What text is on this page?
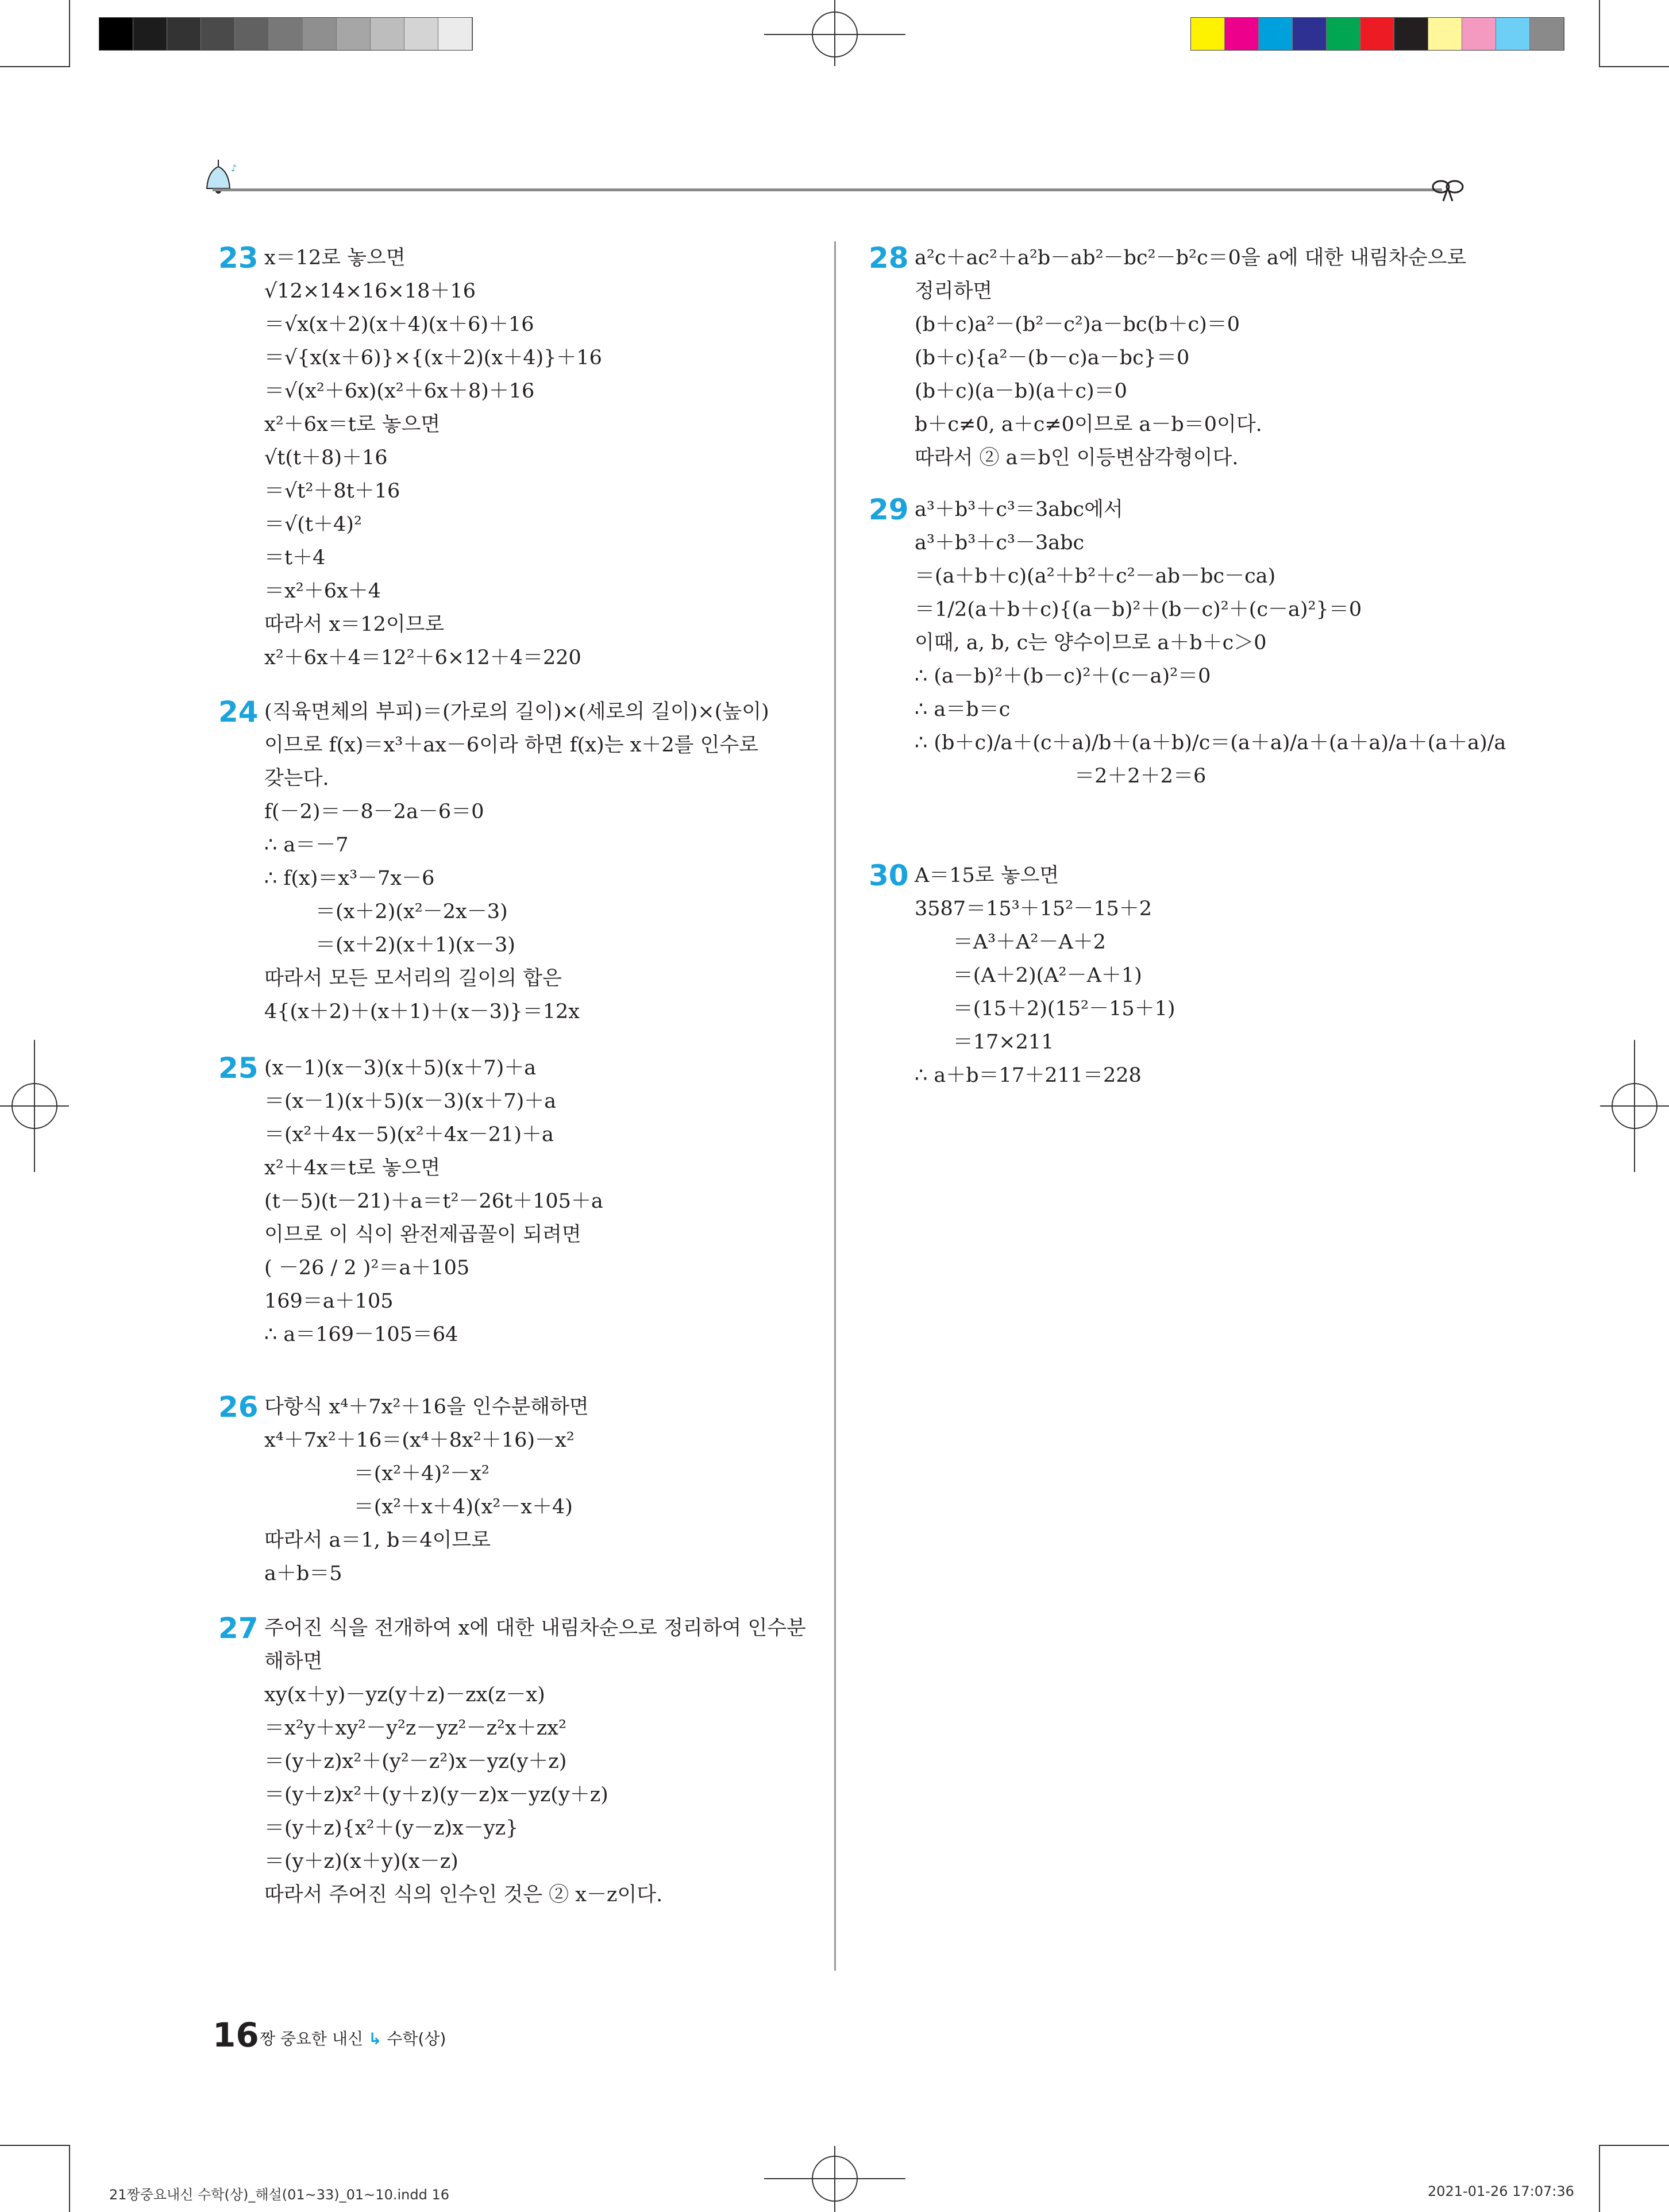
♪
23 x＝12로 놓으면
√12×14×16×18＋16
＝√x(x＋2)(x＋4)(x＋6)＋16
＝√{x(x＋6)}×{(x＋2)(x＋4)}＋16
＝√(x²＋6x)(x²＋6x＋8)＋16
x²＋6x＝t로 놓으면
√t(t＋8)＋16
＝√t²＋8t＋16
＝√(t＋4)²
＝t＋4
＝x²＋6x＋4
따라서 x＝12이므로
x²＋6x＋4＝12²＋6×12＋4＝220
24 (직육면체의 부피)＝(가로의 길이)×(세로의 길이)×(높이)
이므로 f(x)＝x³＋ax－6이라 하면 f(x)는 x＋2를 인수로
갖는다.
f(－2)＝－8－2a－6＝0
∴ a＝－7
∴ f(x)＝x³－7x－6
＝(x＋2)(x²－2x－3)
＝(x＋2)(x＋1)(x－3)
따라서 모든 모서리의 길이의 합은
4{(x＋2)＋(x＋1)＋(x－3)}＝12x
25 (x－1)(x－3)(x＋5)(x＋7)＋a
＝(x－1)(x＋5)(x－3)(x＋7)＋a
＝(x²＋4x－5)(x²＋4x－21)＋a
x²＋4x＝t로 놓으면
(t－5)(t－21)＋a＝t²－26t＋105＋a
이므로 이 식이 완전제곱꼴이 되려면
( －26 / 2 )²＝a＋105
169＝a＋105
∴ a＝169－105＝64
26 다항식 x⁴＋7x²＋16을 인수분해하면
x⁴＋7x²＋16＝(x⁴＋8x²＋16)－x²
＝(x²＋4)²－x²
＝(x²＋x＋4)(x²－x＋4)
따라서 a＝1, b＝4이므로
a＋b＝5
27 주어진 식을 전개하여 x에 대한 내림차순으로 정리하여 인수분
해하면
xy(x＋y)－yz(y＋z)－zx(z－x)
＝x²y＋xy²－y²z－yz²－z²x＋zx²
＝(y＋z)x²＋(y²－z²)x－yz(y＋z)
＝(y＋z)x²＋(y＋z)(y－z)x－yz(y＋z)
＝(y＋z){x²＋(y－z)x－yz}
＝(y＋z)(x＋y)(x－z)
따라서 주어진 식의 인수인 것은 ② x－z이다.
28 a²c＋ac²＋a²b－ab²－bc²－b²c＝0을 a에 대한 내림차순으로
정리하면
(b＋c)a²－(b²－c²)a－bc(b＋c)＝0
(b＋c){a²－(b－c)a－bc}＝0
(b＋c)(a－b)(a＋c)＝0
b＋c≠0, a＋c≠0이므로 a－b＝0이다.
따라서 ② a＝b인 이등변삼각형이다.
29 a³＋b³＋c³＝3abc에서
a³＋b³＋c³－3abc
＝(a＋b＋c)(a²＋b²＋c²－ab－bc－ca)
＝1/2(a＋b＋c){(a－b)²＋(b－c)²＋(c－a)²}＝0
이때, a, b, c는 양수이므로 a＋b＋c＞0
∴ (a－b)²＋(b－c)²＋(c－a)²＝0
∴ a＝b＝c
∴ (b＋c)/a＋(c＋a)/b＋(a＋b)/c＝(a＋a)/a＋(a＋a)/a＋(a＋a)/a
＝2＋2＋2＝6
30 A＝15로 놓으면
3587＝15³＋15²－15＋2
＝A³＋A²－A＋2
＝(A＋2)(A²－A＋1)
＝(15＋2)(15²－15＋1)
＝17×211
∴ a＋b＝17＋211＝228
16 짱 중요한 내신 ↳ 수학(상)
21짱중요내신 수학(상)_해설(01~33)_01~10.indd 16	2021-01-26 17:07:36
